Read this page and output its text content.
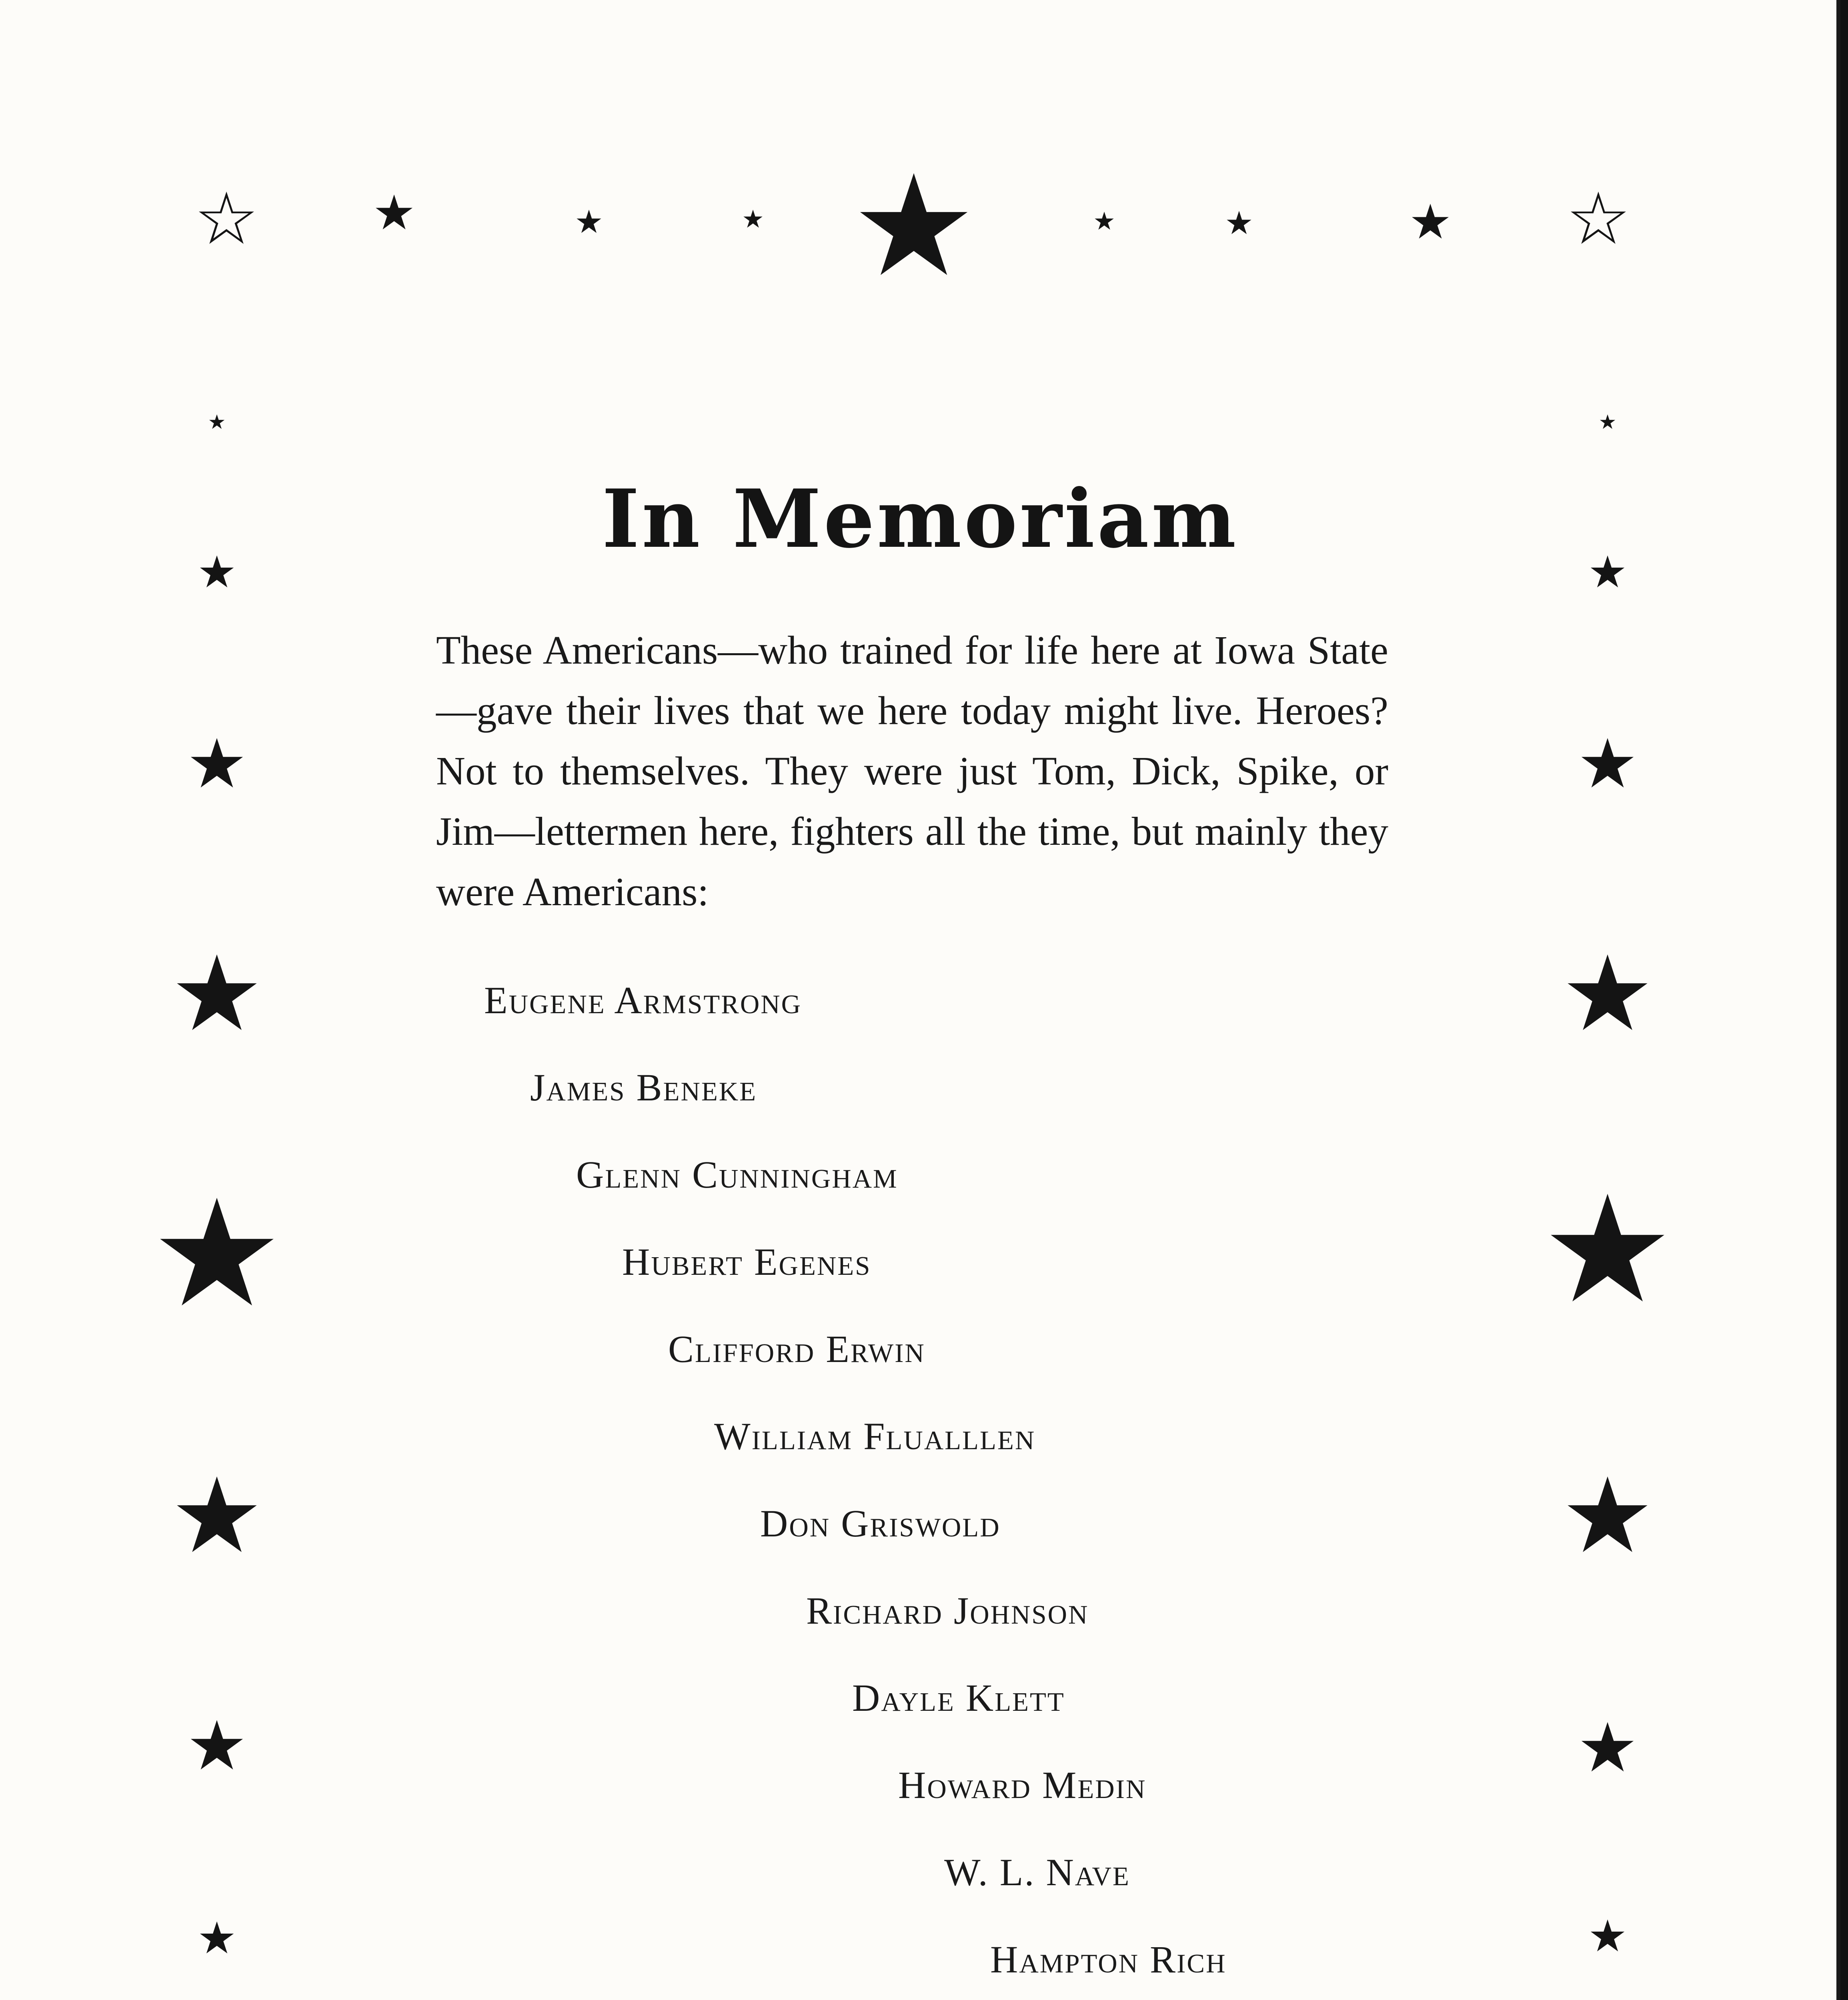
☆ ★	★	★ ★	★	★	★ ☆
★
★
★
★
★
★
★
★
★
★
★
★
★
★
★
★
In Memoriam

These Americans—who trained for life here at Iowa State—gave their lives that we here today might live. Heroes? Not to themselves. They were just Tom, Dick, Spike, or Jim—lettermen here, fighters all the time, but mainly they were Americans:

Eugene Armstrong

James Beneke

Glenn Cunningham

Hubert Egenes

Clifford Erwin

William Flualllen

Don Griswold

Richard Johnson

Dayle Klett

Howard Medin

W. L. Nave

Hampton Rich
